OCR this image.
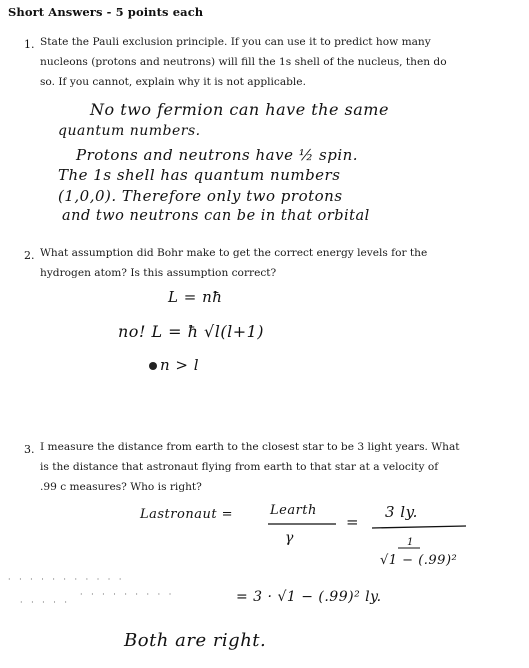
Short Answers - 5 points each
1. State the Pauli exclusion principle. If you can use it to predict how many
nucleons (protons and neutrons) will fill the 1s shell of the nucleus, then do
so. If you cannot, explain why it is not applicable.
No two fermion can have the same
quantum numbers.
Protons and neutrons have ½ spin.
The 1s shell has quantum numbers
(1,0,0). Therefore only two protons
and two neutrons can be in that orbital
2. What assumption did Bohr make to get the correct energy levels for the
hydrogen atom? Is this assumption correct?
L = nħ
no! L = ħ √l(l+1)
n > l
3. I measure the distance from earth to the closest star to be 3 light years. What
is the distance that astronaut flying from earth to that star at a velocity of
.99 c measures? Who is right?
Lastronaut =	Learth
γ
=
3 ly.
1
√1 − (.99)²
= 3 · √1 − (.99)² ly.
Both are right.
· · · · · · · · · · ·
· · · · · · · · ·
· · · · ·
